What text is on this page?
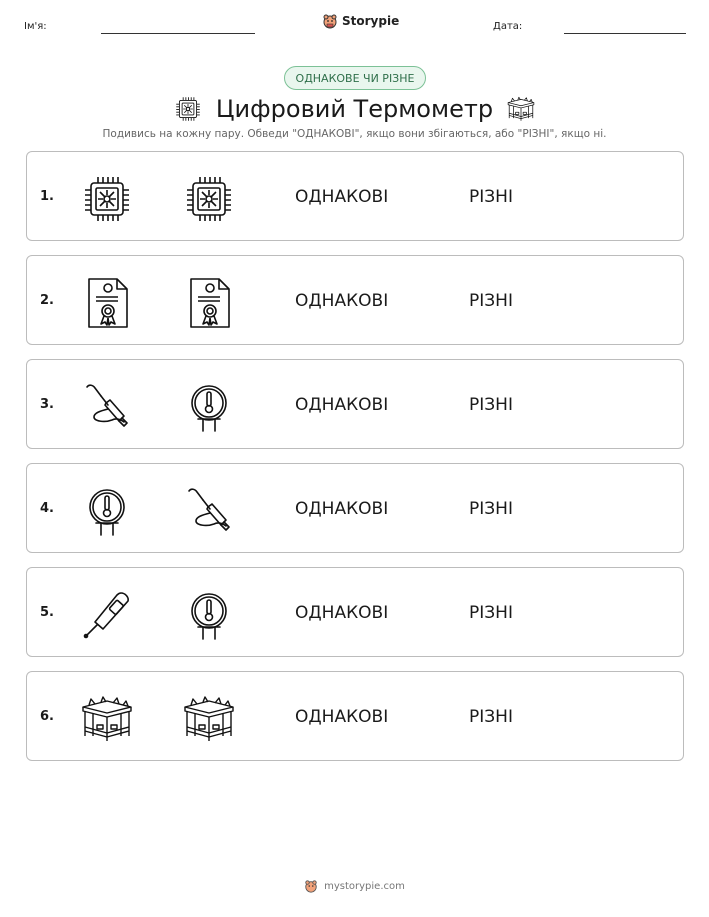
Ім'я:	Storypie	Дата:
ОДНАКОВЕ ЧИ РІЗНЕ
Цифровий Термометр
Подивись на кожну пару. Обведи "ОДНАКОВІ", якщо вони збігаються, або "РІЗНІ", якщо ні.
1.	ОДНАКОВІ	РІЗНІ
2.	ОДНАКОВІ	РІЗНІ
3.	ОДНАКОВІ	РІЗНІ
4.	ОДНАКОВІ	РІЗНІ
5.	ОДНАКОВІ	РІЗНІ
6.	ОДНАКОВІ	РІЗНІ
mystorypie.com
